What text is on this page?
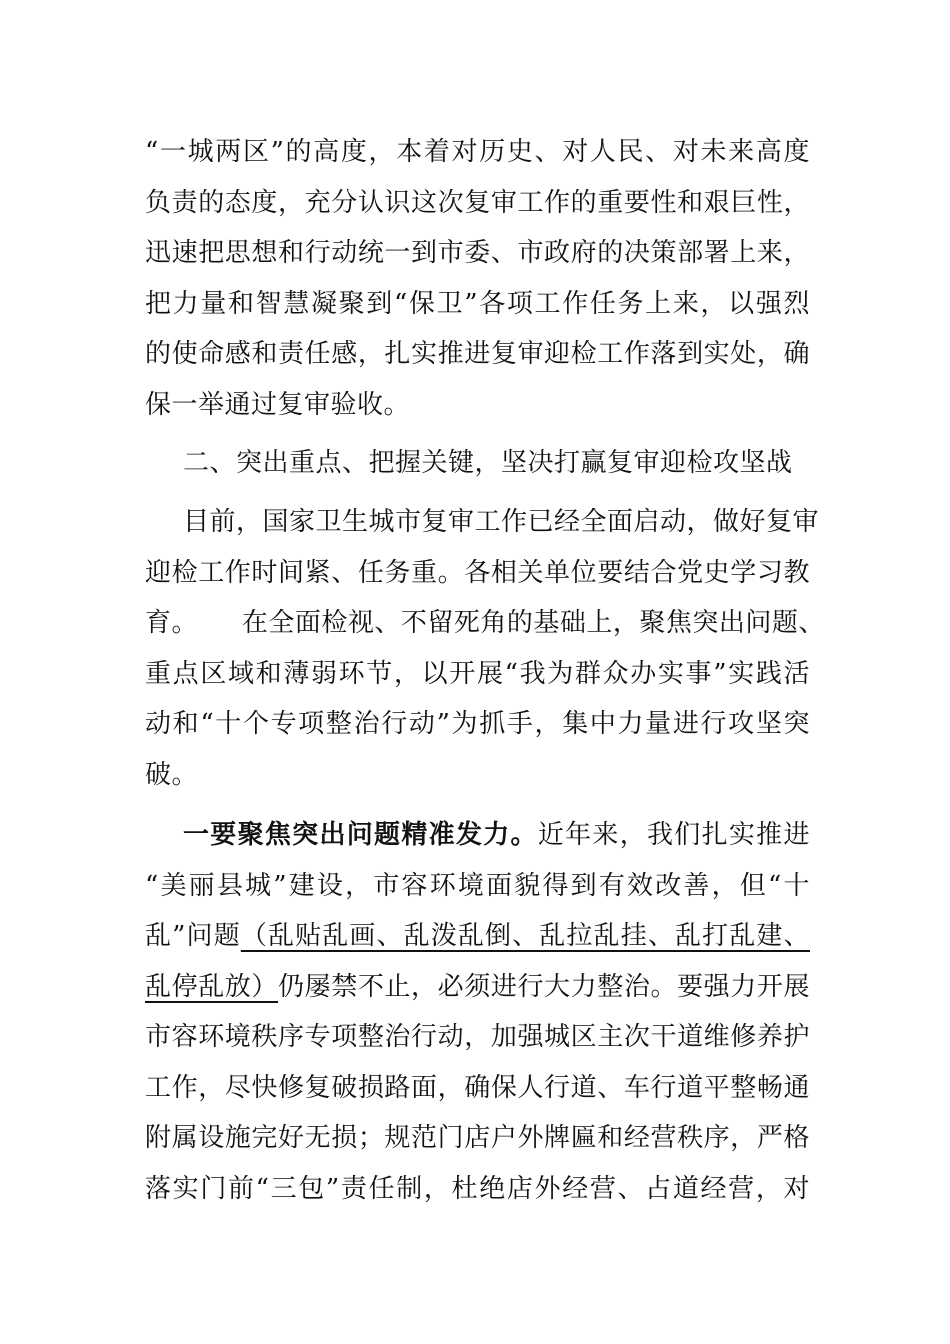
“一城两区”的高度，本着对历史、对人民、对未来高度
负责的态度，充分认识这次复审工作的重要性和艰巨性，
迅速把思想和行动统一到市委、市政府的决策部署上来，
把力量和智慧凝聚到“保卫”各项工作任务上来，以强烈
的使命感和责任感，扎实推进复审迎检工作落到实处，确
保一举通过复审验收。
二、突出重点、把握关键，坚决打赢复审迎检攻坚战
目前，国家卫生城市复审工作已经全面启动，做好复审
迎检工作时间紧、任务重。各相关单位要结合党史学习教
育。     在全面检视、不留死角的基础上，聚焦突出问题、
重点区域和薄弱环节，以开展“我为群众办实事”实践活
动和“十个专项整治行动”为抓手，集中力量进行攻坚突
破。
一要聚焦突出问题精准发力。近年来，我们扎实推进
“美丽县城”建设，市容环境面貌得到有效改善，但“十
乱”问题（乱贴乱画、乱泼乱倒、乱拉乱挂、乱打乱建、
乱停乱放）仍屡禁不止，必须进行大力整治。要强力开展
市容环境秩序专项整治行动，加强城区主次干道维修养护
工作，尽快修复破损路面，确保人行道、车行道平整畅通
附属设施完好无损；规范门店户外牌匾和经营秩序，严格
落实门前“三包”责任制，杜绝店外经营、占道经营，对
